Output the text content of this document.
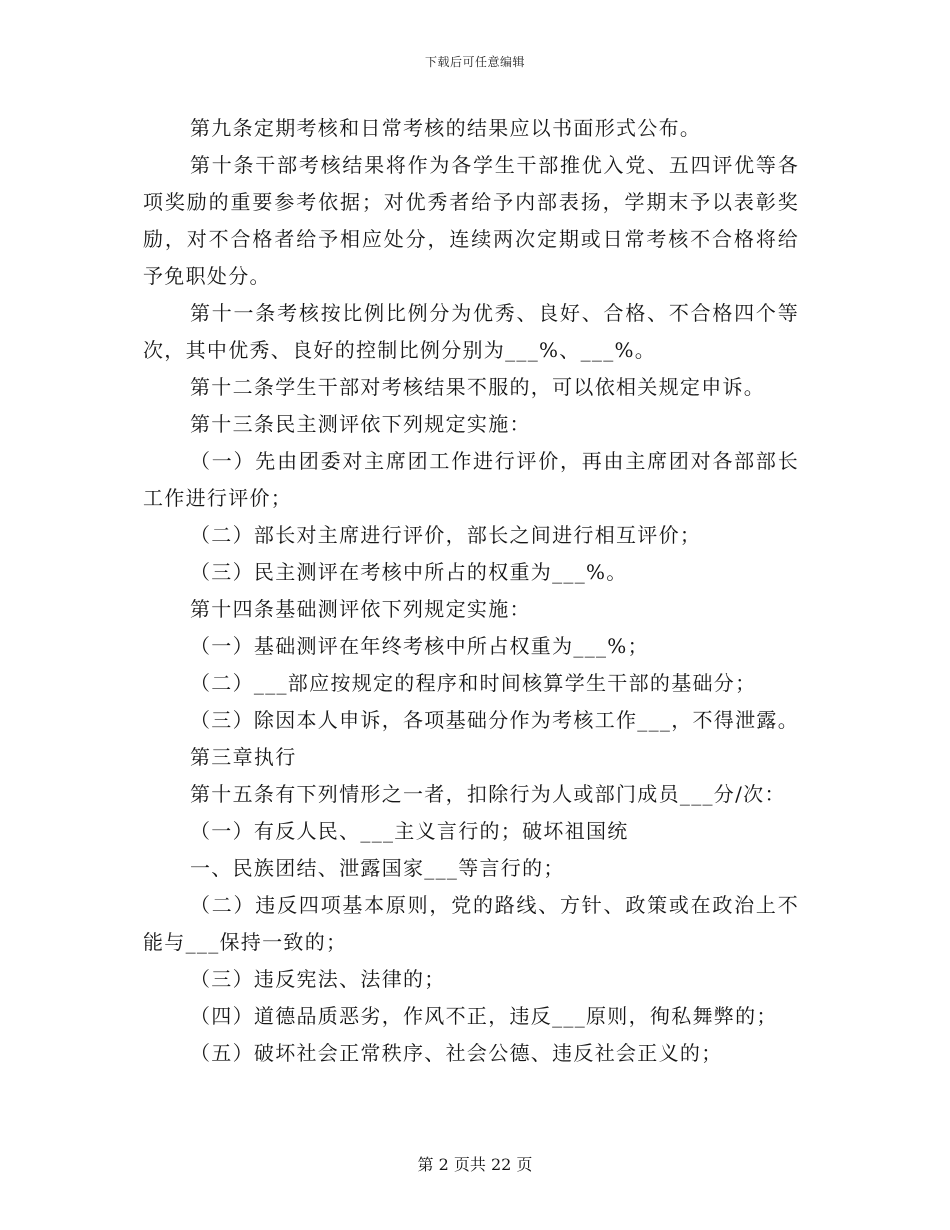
下载后可任意编辑
第九条定期考核和日常考核的结果应以书面形式公布。
第十条干部考核结果将作为各学生干部推优入党、五四评优等各
项奖励的重要参考依据；对优秀者给予内部表扬，学期末予以表彰奖
励，对不合格者给予相应处分，连续两次定期或日常考核不合格将给
予免职处分。
第十一条考核按比例比例分为优秀、良好、合格、不合格四个等
次，其中优秀、良好的控制比例分别为___%、___%。
第十二条学生干部对考核结果不服的，可以依相关规定申诉。
第十三条民主测评依下列规定实施：
（一）先由团委对主席团工作进行评价，再由主席团对各部部长
工作进行评价；
（二）部长对主席进行评价，部长之间进行相互评价；
（三）民主测评在考核中所占的权重为___%。
第十四条基础测评依下列规定实施：
（一）基础测评在年终考核中所占权重为___%；
（二）___部应按规定的程序和时间核算学生干部的基础分；
（三）除因本人申诉，各项基础分作为考核工作___，不得泄露。
第三章执行
第十五条有下列情形之一者，扣除行为人或部门成员___分/次：
（一）有反人民、___主义言行的；破坏祖国统
一、民族团结、泄露国家___等言行的；
（二）违反四项基本原则，党的路线、方针、政策或在政治上不
能与___保持一致的；
（三）违反宪法、法律的；
（四）道德品质恶劣，作风不正，违反___原则，徇私舞弊的；
（五）破坏社会正常秩序、社会公德、违反社会正义的；
第 2 页共 22 页
